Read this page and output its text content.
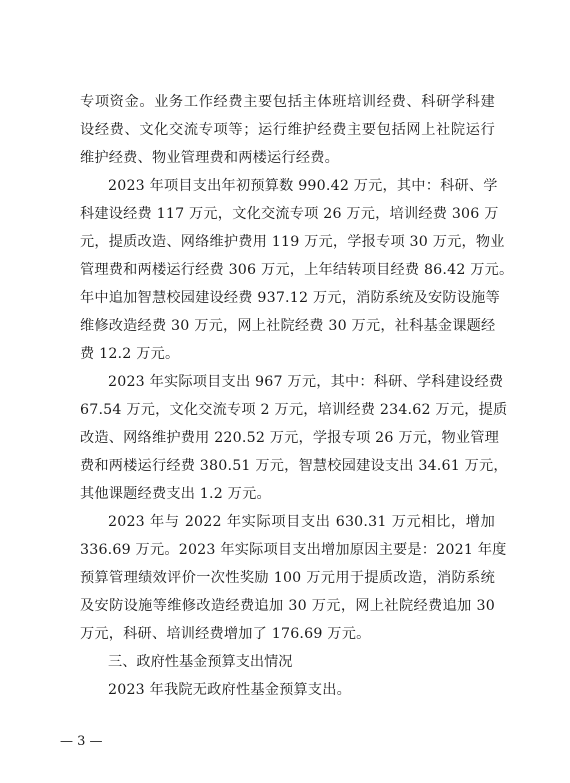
专项资金。业务工作经费主要包括主体班培训经费、科研学科建
设经费、文化交流专项等；运行维护经费主要包括网上社院运行
维护经费、物业管理费和两楼运行经费。
2023 年项目支出年初预算数 990.42 万元，其中：科研、学
科建设经费 117 万元，文化交流专项 26 万元，培训经费 306 万
元，提质改造、网络维护费用 119 万元，学报专项 30 万元，物业
管理费和两楼运行经费 306 万元，上年结转项目经费 86.42 万元。
年中追加智慧校园建设经费 937.12 万元，消防系统及安防设施等
维修改造经费 30 万元，网上社院经费 30 万元，社科基金课题经
费 12.2 万元。
2023 年实际项目支出 967 万元，其中：科研、学科建设经费
67.54 万元，文化交流专项 2 万元，培训经费 234.62 万元，提质
改造、网络维护费用 220.52 万元，学报专项 26 万元，物业管理
费和两楼运行经费 380.51 万元，智慧校园建设支出 34.61 万元，
其他课题经费支出 1.2 万元。
2023 年与 2022 年实际项目支出 630.31 万元相比，增加
336.69 万元。2023 年实际项目支出增加原因主要是：2021 年度
预算管理绩效评价一次性奖励 100 万元用于提质改造，消防系统
及安防设施等维修改造经费追加 30 万元，网上社院经费追加 30
万元，科研、培训经费增加了 176.69 万元。
三、政府性基金预算支出情况
2023 年我院无政府性基金预算支出。
— 3 —
